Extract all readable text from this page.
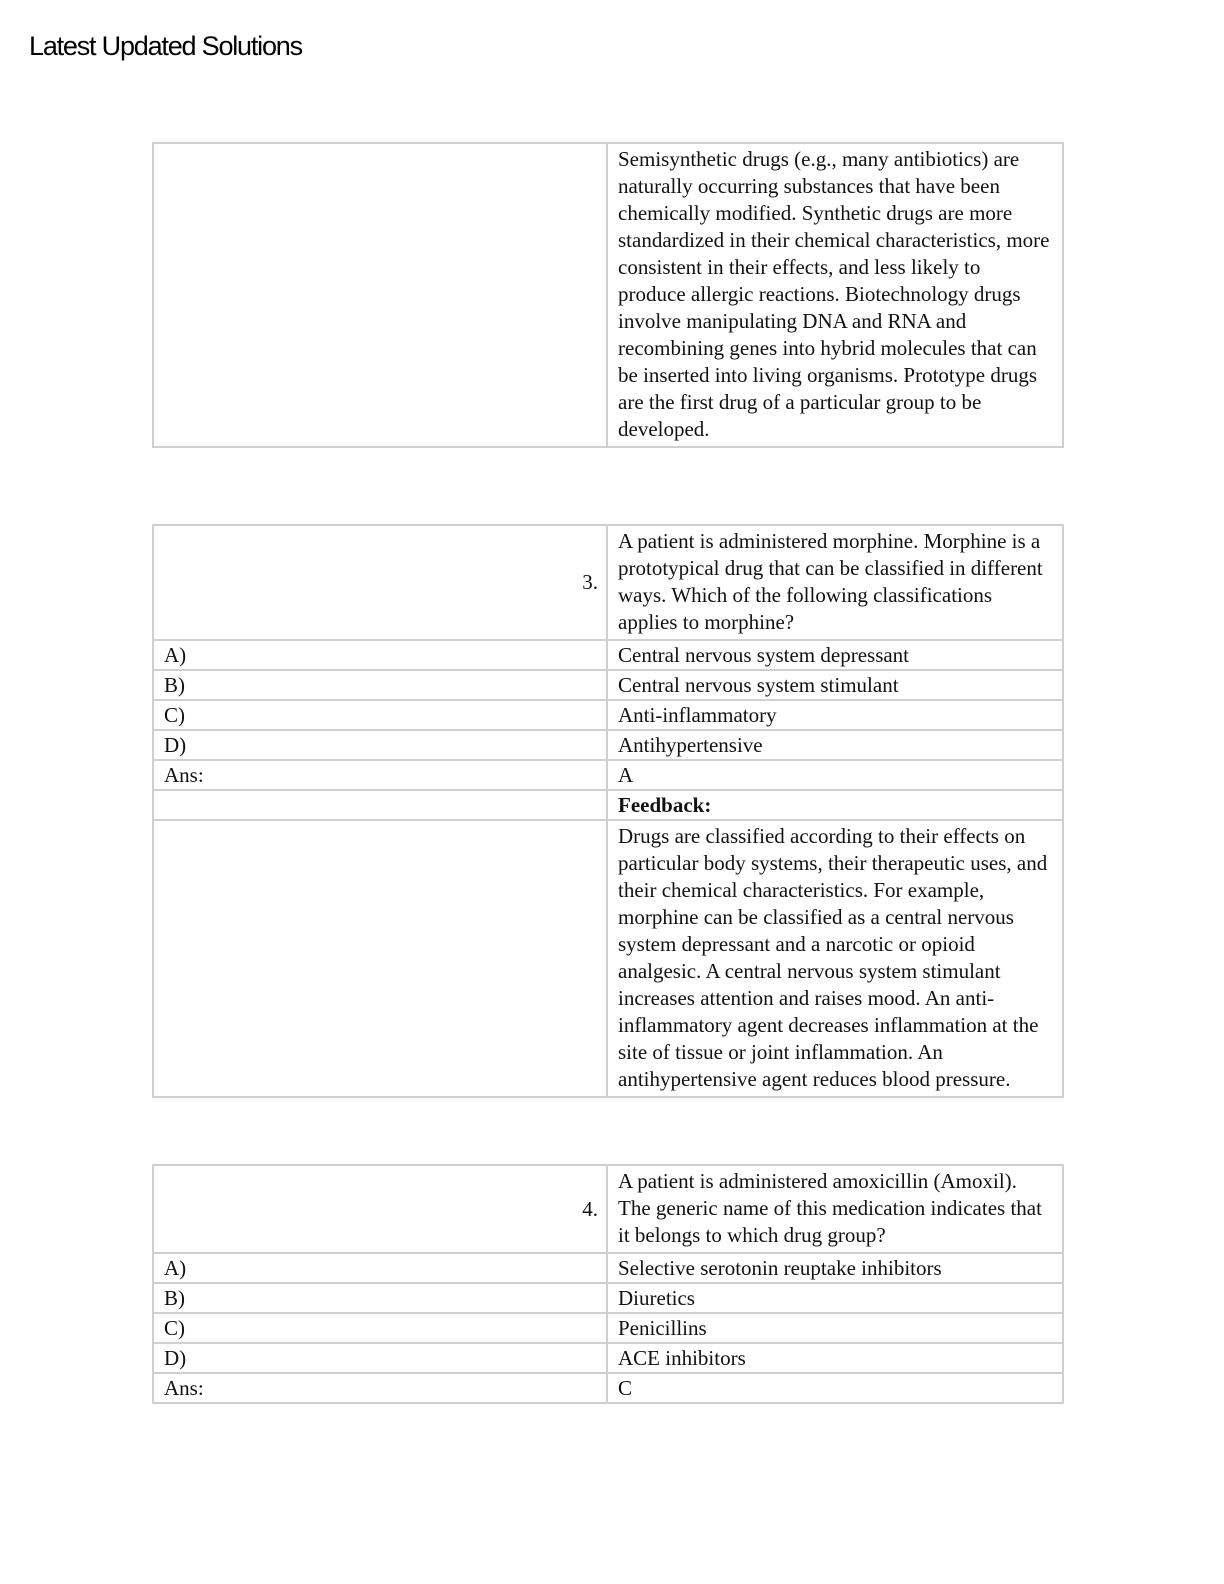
Latest Updated Solutions
	Semisynthetic drugs (e.g., many antibiotics) are naturally occurring substances that have been chemically modified. Synthetic drugs are more standardized in their chemical characteristics, more consistent in their effects, and less likely to produce allergic reactions. Biotechnology drugs involve manipulating DNA and RNA and recombining genes into hybrid molecules that can be inserted into living organisms. Prototype drugs are the first drug of a particular group to be developed.
3.	A patient is administered morphine. Morphine is a prototypical drug that can be classified in different ways. Which of the following classifications applies to morphine?
A)	Central nervous system depressant
B)	Central nervous system stimulant
C)	Anti-inflammatory
D)	Antihypertensive
Ans:	A
	Feedback:
	Drugs are classified according to their effects on particular body systems, their therapeutic uses, and their chemical characteristics. For example, morphine can be classified as a central nervous system depressant and a narcotic or opioid analgesic. A central nervous system stimulant increases attention and raises mood. An anti-inflammatory agent decreases inflammation at the site of tissue or joint inflammation. An antihypertensive agent reduces blood pressure.
4.	A patient is administered amoxicillin (Amoxil). The generic name of this medication indicates that it belongs to which drug group?
A)	Selective serotonin reuptake inhibitors
B)	Diuretics
C)	Penicillins
D)	ACE inhibitors
Ans:	C
